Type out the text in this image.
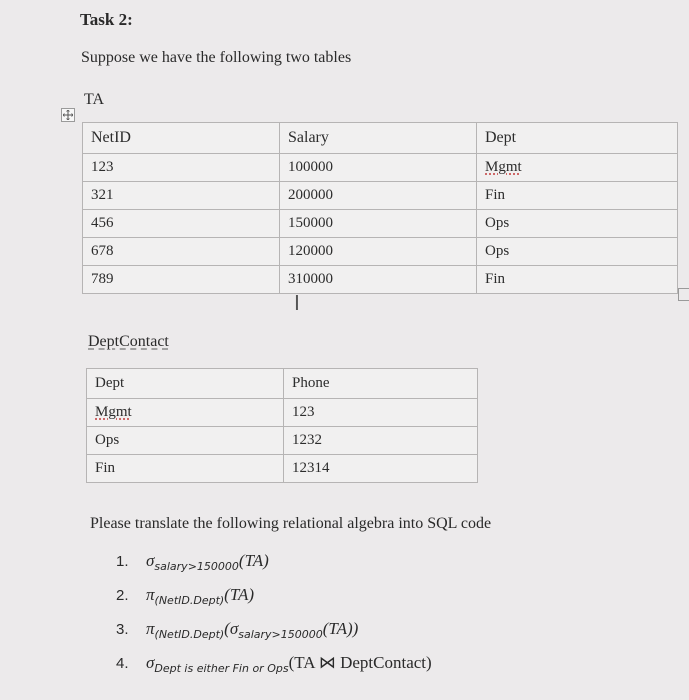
Task 2:
Suppose we have the following two tables
TA
NetID	Salary	Dept
123	100000	Mgmt
321	200000	Fin
456	150000	Ops
678	120000	Ops
789	310000	Fin
I
DeptContact
Dept	Phone
Mgmt	123
Ops	1232
Fin	12314
Please translate the following relational algebra into SQL code
1. $\sigma_{salary>150000}(TA)$
2. $\pi_{(NetID.Dept)}(TA)$
3. $\pi_{(NetID.Dept)}(\sigma_{salary>150000}(TA))$
4. $\sigma_{Dept is either Fin or Ops}(TA$ ⋈ DeptContact)
